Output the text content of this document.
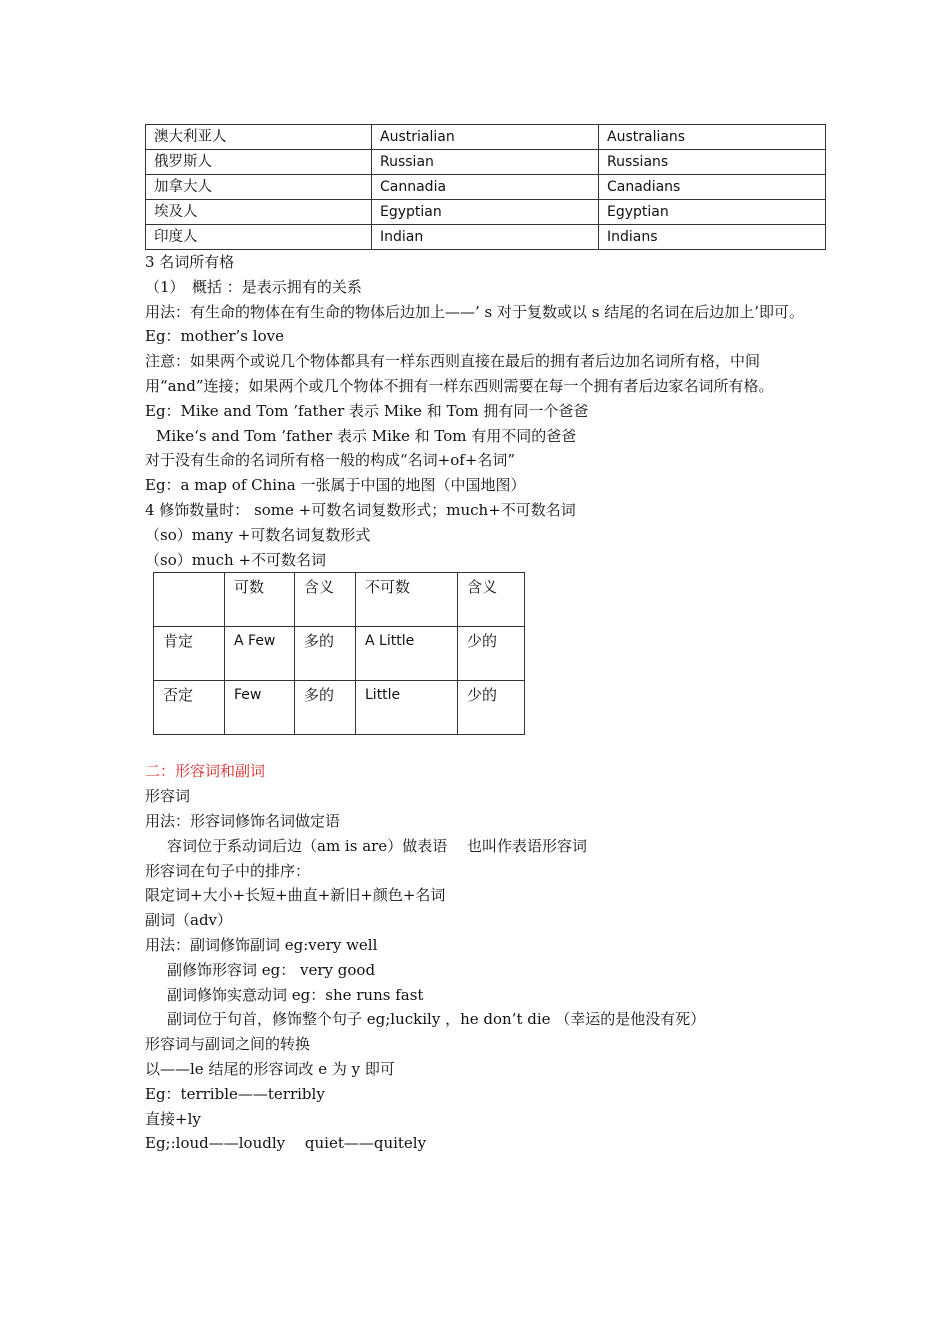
澳大利亚人	Austrialian	Australians
俄罗斯人	Russian	Russians
加拿大人	Cannadia	Canadians
埃及人	Egyptian	Egyptian
印度人	Indian	Indians
3 名词所有格
（1）　概括 ：是表示拥有的关系
用法：有生命的物体在有生命的物体后边加上——’ s 对于复数或以 s 结尾的名词在后边加上’即可。
Eg：mother’s love
注意：如果两个或说几个物体都具有一样东西则直接在最后的拥有者后边加名词所有格，中间用“and”连接；如果两个或几个物体不拥有一样东西则需要在每一个拥有者后边家名词所有格。
Eg：Mike and Tom ’father 表示 Mike 和 Tom 拥有同一个爸爸
Mike‘s and Tom ’father 表示 Mike 和 Tom 有用不同的爸爸
对于没有生命的名词所有格一般的构成“名词+of+名词”
Eg：a map of China 一张属于中国的地图（中国地图）
4 修饰数量时： some +可数名词复数形式；much+不可数名词
（so）many +可数名词复数形式
（so）much +不可数名词
	可数	含义	不可数	含义
肯定	A Few	多的	A Little	少的
否定	Few	多的	Little	少的
二：形容词和副词
形容词
用法：形容词修饰名词做定语
容词位于系动词后边（am is are）做表语　 也叫作表语形容词
形容词在句子中的排序：
限定词+大小+长短+曲直+新旧+颜色+名词
副词（adv）
用法：副词修饰副词 eg:very well
副修饰形容词 eg： very good
副词修饰实意动词 eg：she runs fast
副词位于句首，修饰整个句子 eg;luckily ，he don’t die （幸运的是他没有死）
形容词与副词之间的转换
以——le 结尾的形容词改 e 为 y 即可
Eg：terrible——terribly
直接+ly
Eg;:loud——loudly　 quiet——quitely
